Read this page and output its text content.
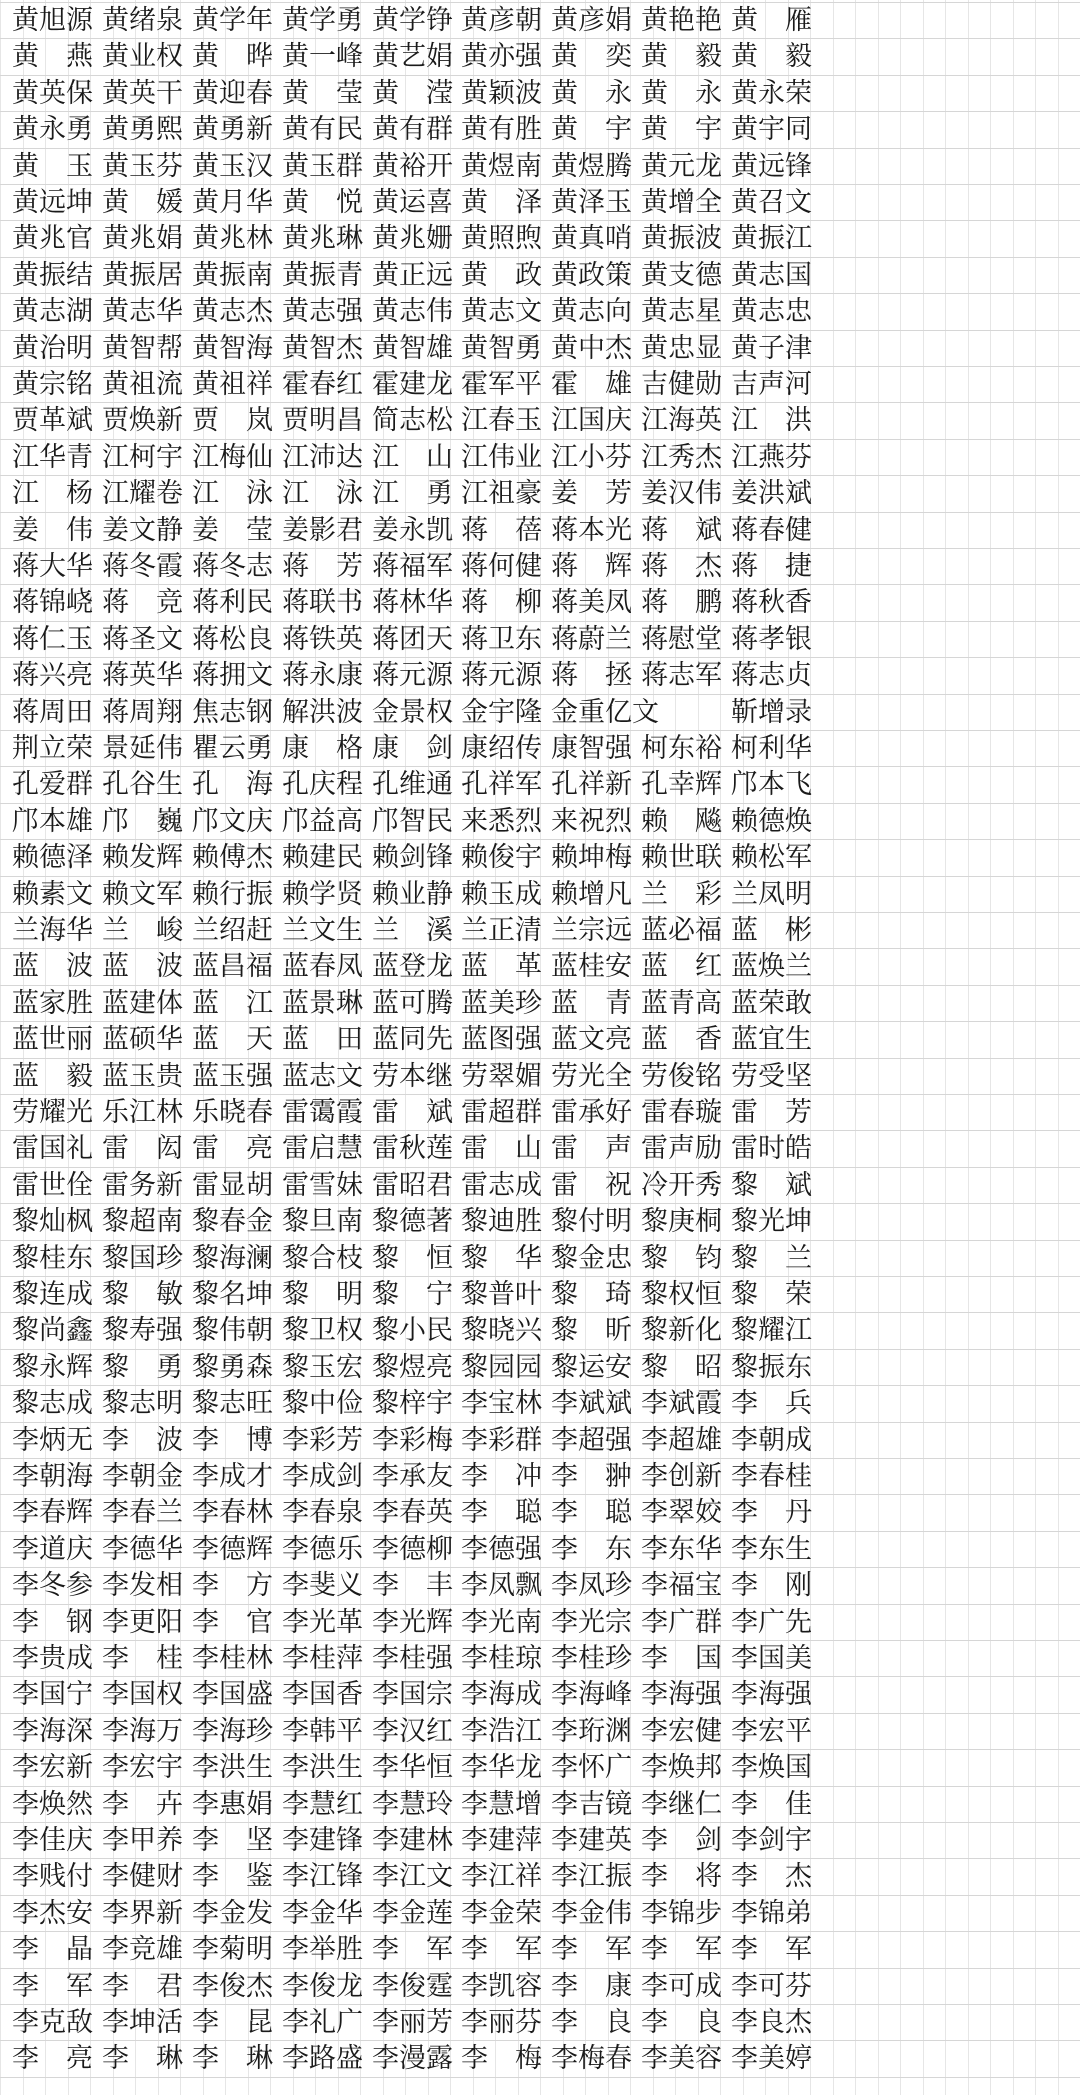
黄旭源 黄绪泉 黄学年 黄学勇 黄学铮 黄彦朝 黄彦娟 黄艳艳 黄　雁
黄　燕 黄业权 黄　晔 黄一峰 黄艺娟 黄亦强 黄　奕 黄　毅 黄　毅
黄英保 黄英干 黄迎春 黄　莹 黄　滢 黄颖波 黄　永 黄　永 黄永荣
黄永勇 黄勇熙 黄勇新 黄有民 黄有群 黄有胜 黄　宇 黄　宇 黄宇同
黄　玉 黄玉芬 黄玉汉 黄玉群 黄裕开 黄煜南 黄煜腾 黄元龙 黄远锋
黄远坤 黄　媛 黄月华 黄　悦 黄运喜 黄　泽 黄泽玉 黄增全 黄召文
黄兆官 黄兆娟 黄兆林 黄兆琳 黄兆姗 黄照煦 黄真哨 黄振波 黄振江
黄振结 黄振居 黄振南 黄振青 黄正远 黄　政 黄政策 黄支德 黄志国
黄志湖 黄志华 黄志杰 黄志强 黄志伟 黄志文 黄志向 黄志星 黄志忠
黄治明 黄智帮 黄智海 黄智杰 黄智雄 黄智勇 黄中杰 黄忠显 黄子津
黄宗铭 黄祖流 黄祖祥 霍春红 霍建龙 霍军平 霍　雄 吉健勋 吉声河
贾革斌 贾焕新 贾　岚 贾明昌 简志松 江春玉 江国庆 江海英 江　洪
江华青 江柯宇 江梅仙 江沛达 江　山 江伟业 江小芬 江秀杰 江燕芬
江　杨 江耀卷 江　泳 江　泳 江　勇 江祖豪 姜　芳 姜汉伟 姜洪斌
姜　伟 姜文静 姜　莹 姜影君 姜永凯 蒋　蓓 蒋本光 蒋　斌 蒋春健
蒋大华 蒋冬霞 蒋冬志 蒋　芳 蒋福军 蒋何健 蒋　辉 蒋　杰 蒋　捷
蒋锦峣 蒋　竞 蒋利民 蒋联书 蒋林华 蒋　柳 蒋美凤 蒋　鹏 蒋秋香
蒋仁玉 蒋圣文 蒋松良 蒋铁英 蒋团天 蒋卫东 蒋蔚兰 蒋慰堂 蒋孝银
蒋兴亮 蒋英华 蒋拥文 蒋永康 蒋元源 蒋元源 蒋　拯 蒋志军 蒋志贞
蒋周田 蒋周翔 焦志钢 解洪波 金景权 金宇隆 金重亿文	靳增录
荆立荣 景延伟 瞿云勇 康　格 康　剑 康绍传 康智强 柯东裕 柯利华
孔爱群 孔谷生 孔　海 孔庆程 孔维通 孔祥军 孔祥新 孔幸辉 邝本飞
邝本雄 邝　巍 邝文庆 邝益高 邝智民 来悉烈 来祝烈 赖　飚 赖德焕
赖德泽 赖发辉 赖傅杰 赖建民 赖剑锋 赖俊宇 赖坤梅 赖世联 赖松军
赖素文 赖文军 赖行振 赖学贤 赖业静 赖玉成 赖增凡 兰　彩 兰凤明
兰海华 兰　峻 兰绍赶 兰文生 兰　溪 兰正清 兰宗远 蓝必福 蓝　彬
蓝　波 蓝　波 蓝昌福 蓝春凤 蓝登龙 蓝　革 蓝桂安 蓝　红 蓝焕兰
蓝家胜 蓝建体 蓝　江 蓝景琳 蓝可腾 蓝美珍 蓝　青 蓝青高 蓝荣敢
蓝世丽 蓝硕华 蓝　天 蓝　田 蓝同先 蓝图强 蓝文亮 蓝　香 蓝宜生
蓝　毅 蓝玉贵 蓝玉强 蓝志文 劳本继 劳翠媚 劳光全 劳俊铭 劳受坚
劳耀光 乐江林 乐晓春 雷霭霞 雷　斌 雷超群 雷承好 雷春璇 雷　芳
雷国礼 雷　闳 雷　亮 雷启慧 雷秋莲 雷　山 雷　声 雷声励 雷时皓
雷世佺 雷务新 雷显胡 雷雪妹 雷昭君 雷志成 雷　祝 冷开秀 黎　斌
黎灿枫 黎超南 黎春金 黎旦南 黎德著 黎迪胜 黎付明 黎庚桐 黎光坤
黎桂东 黎国珍 黎海澜 黎合枝 黎　恒 黎　华 黎金忠 黎　钧 黎　兰
黎连成 黎　敏 黎名坤 黎　明 黎　宁 黎普叶 黎　琦 黎权恒 黎　荣
黎尚鑫 黎寿强 黎伟朝 黎卫权 黎小民 黎晓兴 黎　昕 黎新化 黎耀江
黎永辉 黎　勇 黎勇森 黎玉宏 黎煜亮 黎园园 黎运安 黎　昭 黎振东
黎志成 黎志明 黎志旺 黎中俭 黎梓宇 李宝林 李斌斌 李斌霞 李　兵
李炳无 李　波 李　博 李彩芳 李彩梅 李彩群 李超强 李超雄 李朝成
李朝海 李朝金 李成才 李成剑 李承友 李　冲 李　翀 李创新 李春桂
李春辉 李春兰 李春林 李春泉 李春英 李　聪 李　聪 李翠姣 李　丹
李道庆 李德华 李德辉 李德乐 李德柳 李德强 李　东 李东华 李东生
李冬参 李发相 李　方 李斐义 李　丰 李凤飘 李凤珍 李福宝 李　刚
李　钢 李更阳 李　官 李光革 李光辉 李光南 李光宗 李广群 李广先
李贵成 李　桂 李桂林 李桂萍 李桂强 李桂琼 李桂珍 李　国 李国美
李国宁 李国权 李国盛 李国香 李国宗 李海成 李海峰 李海强 李海强
李海深 李海万 李海珍 李韩平 李汉红 李浩江 李珩渊 李宏健 李宏平
李宏新 李宏宇 李洪生 李洪生 李华恒 李华龙 李怀广 李焕邦 李焕国
李焕然 李　卉 李惠娟 李慧红 李慧玲 李慧增 李吉镜 李继仁 李　佳
李佳庆 李甲养 李　坚 李建锋 李建林 李建萍 李建英 李　剑 李剑宇
李贱付 李健财 李　鉴 李江锋 李江文 李江祥 李江振 李　将 李　杰
李杰安 李界新 李金发 李金华 李金莲 李金荣 李金伟 李锦步 李锦弟
李　晶 李竞雄 李菊明 李举胜 李　军 李　军 李　军 李　军 李　军
李　军 李　君 李俊杰 李俊龙 李俊霆 李凯容 李　康 李可成 李可芬
李克敌 李坤活 李　昆 李礼广 李丽芳 李丽芬 李　良 李　良 李良杰
李　亮 李　琳 李　琳 李路盛 李漫露 李　梅 李梅春 李美容 李美婷
